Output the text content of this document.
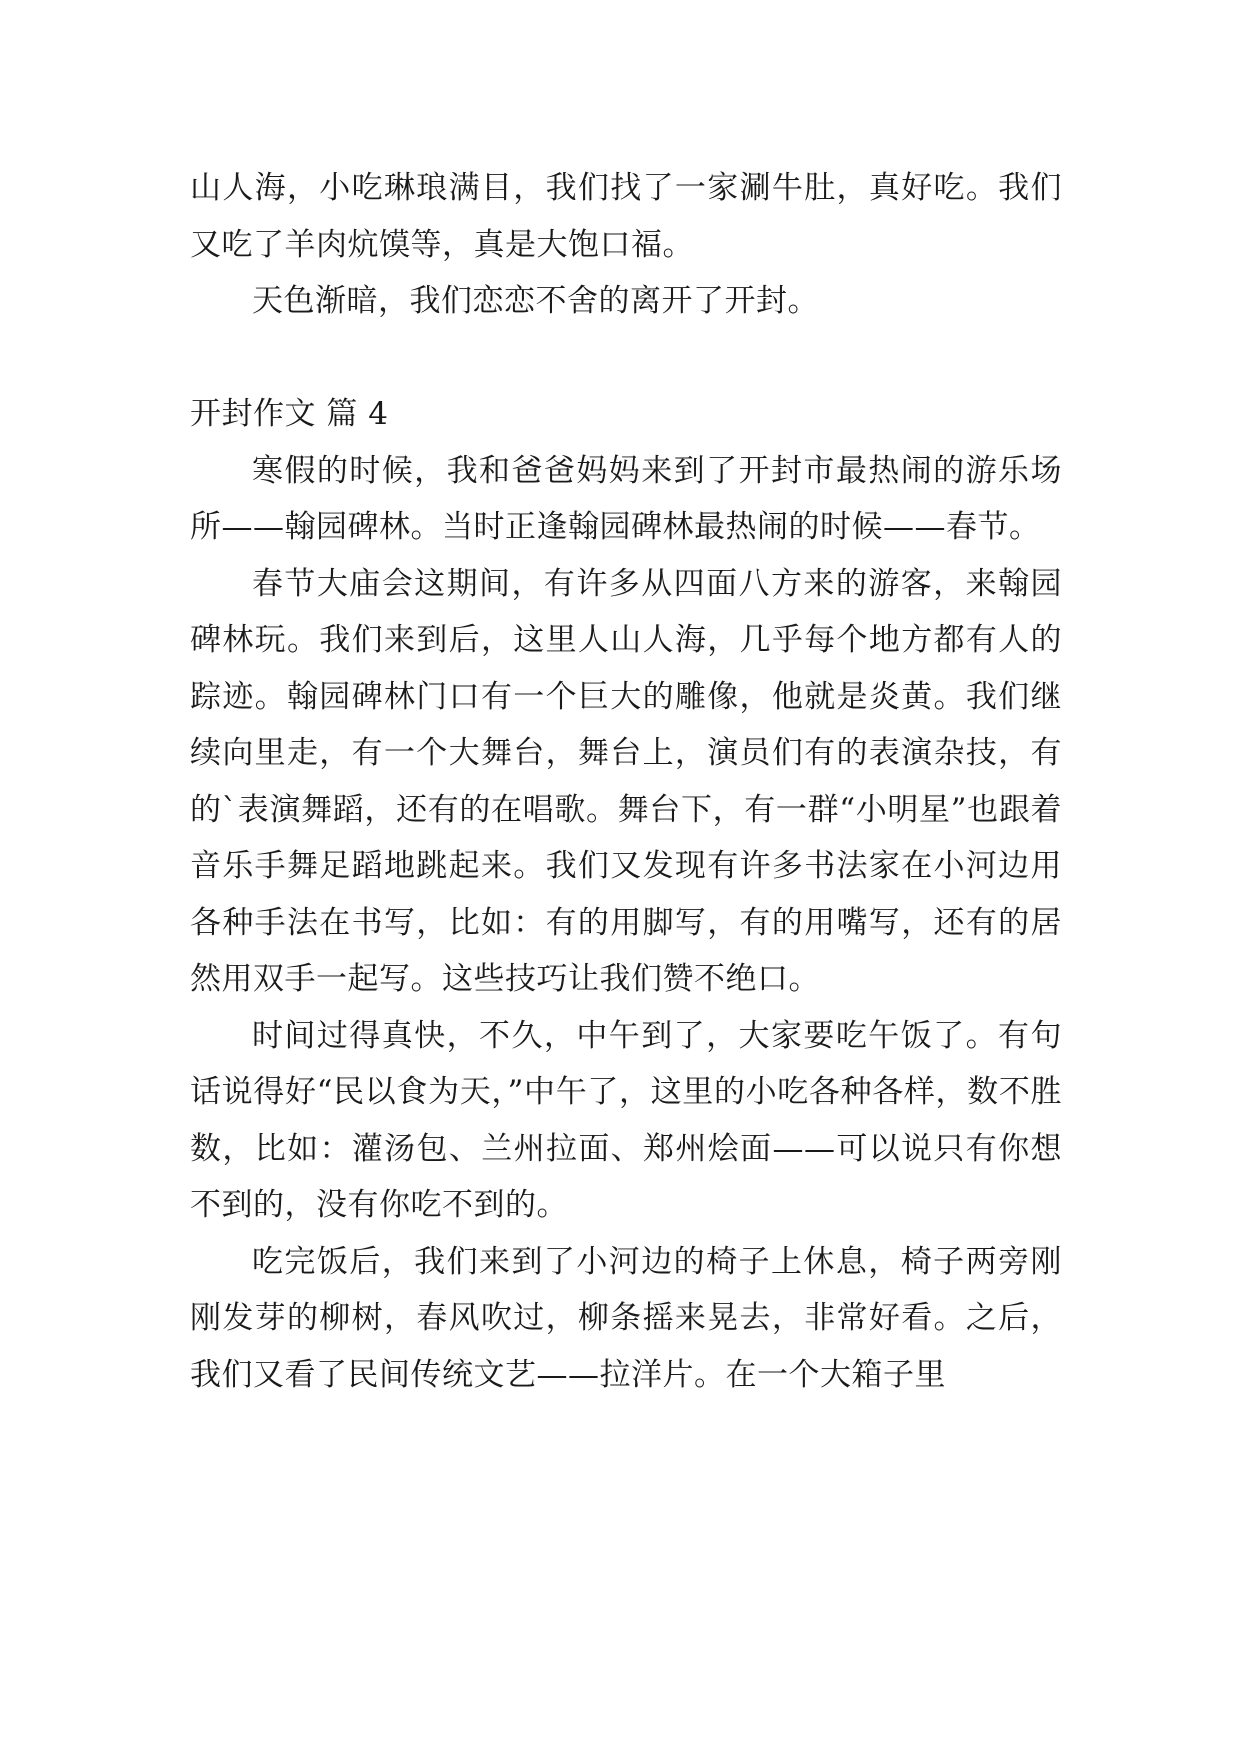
山人海，小吃琳琅满目，我们找了一家涮牛肚，真好吃。我们又吃了羊肉炕馍等，真是大饱口福。

天色渐暗，我们恋恋不舍的离开了开封。

开封作文 篇 4

寒假的时候，我和爸爸妈妈来到了开封市最热闹的游乐场所——翰园碑林。当时正逢翰园碑林最热闹的时候——春节。

春节大庙会这期间，有许多从四面八方来的游客，来翰园碑林玩。我们来到后，这里人山人海，几乎每个地方都有人的踪迹。翰园碑林门口有一个巨大的雕像，他就是炎黄。我们继续向里走，有一个大舞台，舞台上，演员们有的表演杂技，有的`表演舞蹈，还有的在唱歌。舞台下，有一群“小明星”也跟着音乐手舞足蹈地跳起来。我们又发现有许多书法家在小河边用各种手法在书写，比如：有的用脚写，有的用嘴写，还有的居然用双手一起写。这些技巧让我们赞不绝口。

时间过得真快，不久，中午到了，大家要吃午饭了。有句话说得好“民以食为天，”中午了，这里的小吃各种各样，数不胜数，比如：灌汤包、兰州拉面、郑州烩面——可以说只有你想不到的，没有你吃不到的。

吃完饭后，我们来到了小河边的椅子上休息，椅子两旁刚刚发芽的柳树，春风吹过，柳条摇来晃去，非常好看。之后，我们又看了民间传统文艺——拉洋片。在一个大箱子里
